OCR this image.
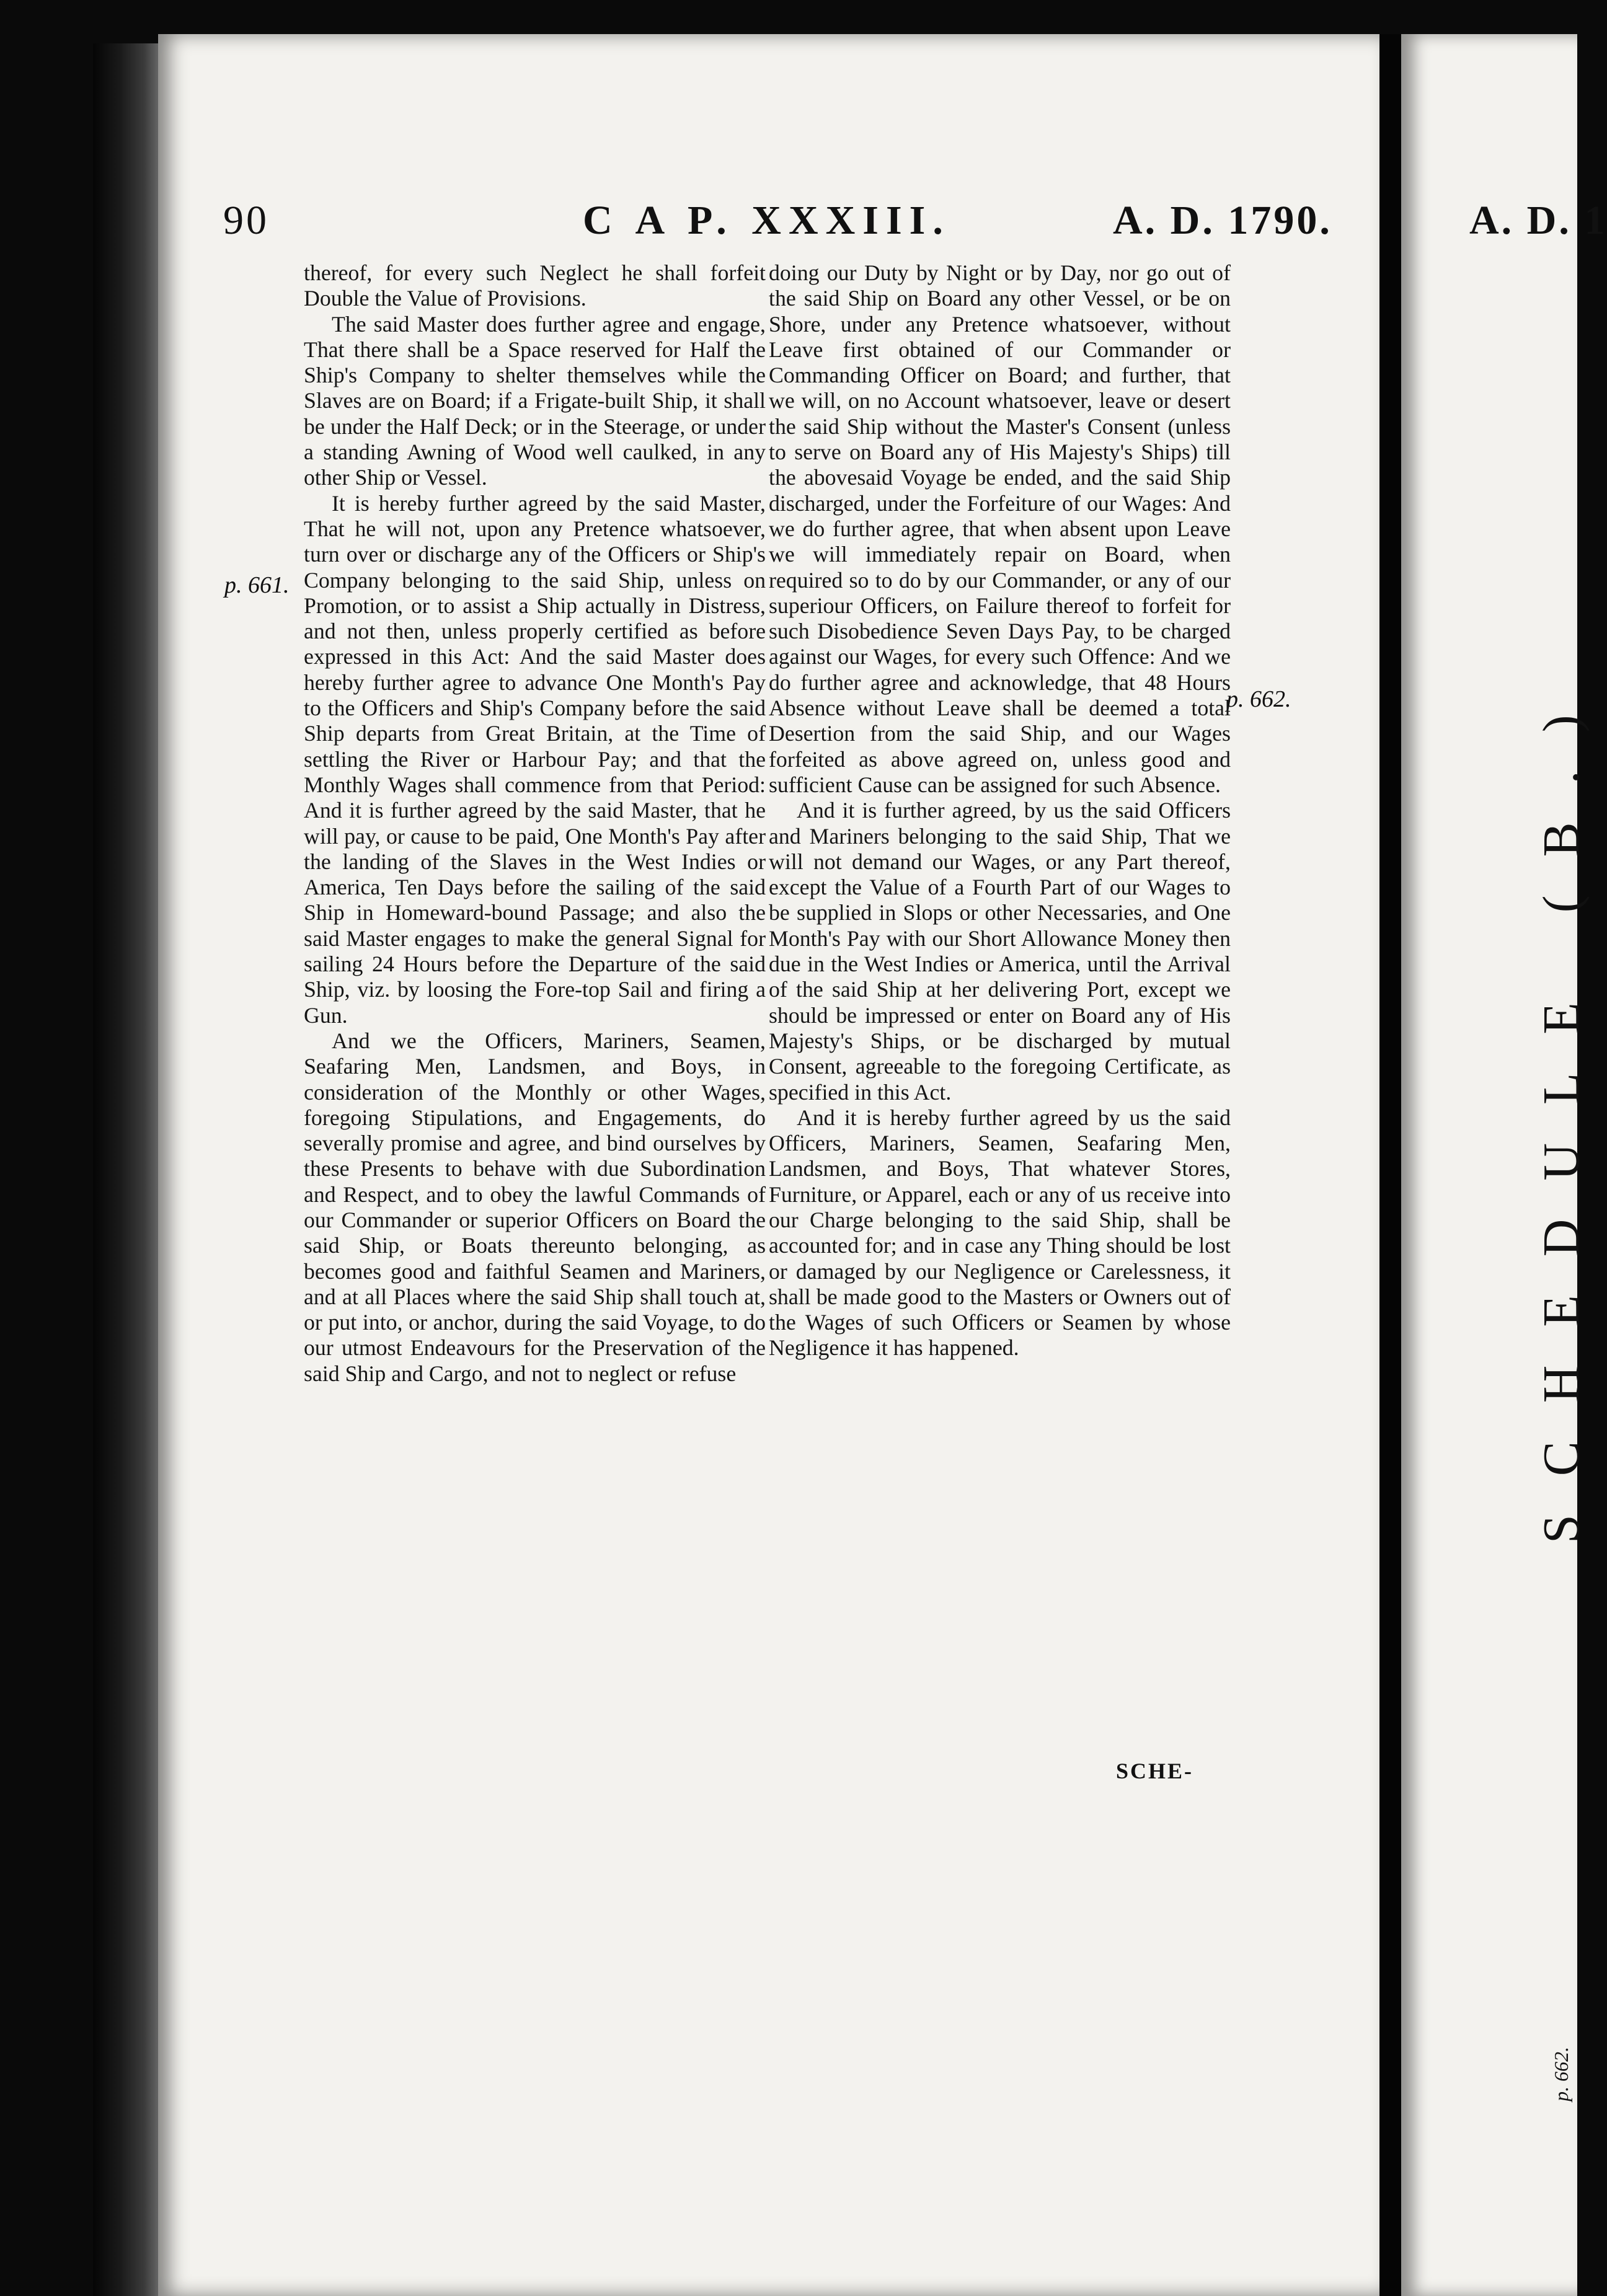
90	C A P. XXXIII.	A. D. 1790.	A. D. 1
p. 661.
p. 662.
p. 662.

thereof, for every such Neglect he shall forfeit Double the Value of Provisions.

The said Master does further agree and engage, That there shall be a Space reserved for Half the Ship's Company to shelter themselves while the Slaves are on Board; if a Frigate-built Ship, it shall be under the Half Deck; or in the Steerage, or under a standing Awning of Wood well caulked, in any other Ship or Vessel.

It is hereby further agreed by the said Master, That he will not, upon any Pretence whatsoever, turn over or discharge any of the Officers or Ship's Company belonging to the said Ship, unless on Promotion, or to assist a Ship actually in Distress, and not then, unless properly certified as before expressed in this Act: And the said Master does hereby further agree to advance One Month's Pay to the Officers and Ship's Company before the said Ship departs from Great Britain, at the Time of settling the River or Harbour Pay; and that the Monthly Wages shall commence from that Period: And it is further agreed by the said Master, that he will pay, or cause to be paid, One Month's Pay after the landing of the Slaves in the West Indies or America, Ten Days before the sailing of the said Ship in Homeward-bound Passage; and also the said Master engages to make the general Signal for sailing 24 Hours before the Departure of the said Ship, viz. by loosing the Fore-top Sail and firing a Gun.

And we the Officers, Mariners, Seamen, Seafaring Men, Landsmen, and Boys, in consideration of the Monthly or other Wages, foregoing Stipulations, and Engagements, do severally promise and agree, and bind ourselves by these Presents to behave with due Subordination and Respect, and to obey the lawful Commands of our Commander or superior Officers on Board the said Ship, or Boats thereunto belonging, as becomes good and faithful Seamen and Mariners, and at all Places where the said Ship shall touch at, or put into, or anchor, during the said Voyage, to do our utmost Endeavours for the Preservation of the said Ship and Cargo, and not to neglect or refuse

doing our Duty by Night or by Day, nor go out of the said Ship on Board any other Vessel, or be on Shore, under any Pretence whatsoever, without Leave first obtained of our Commander or Commanding Officer on Board; and further, that we will, on no Account whatsoever, leave or desert the said Ship without the Master's Consent (unless to serve on Board any of His Majesty's Ships) till the abovesaid Voyage be ended, and the said Ship discharged, under the Forfeiture of our Wages: And we do further agree, that when absent upon Leave we will immediately repair on Board, when required so to do by our Commander, or any of our superiour Officers, on Failure thereof to forfeit for such Disobedience Seven Days Pay, to be charged against our Wages, for every such Offence: And we do further agree and acknowledge, that 48 Hours Absence without Leave shall be deemed a total Desertion from the said Ship, and our Wages forfeited as above agreed on, unless good and sufficient Cause can be assigned for such Absence.

And it is further agreed, by us the said Officers and Mariners belonging to the said Ship, That we will not demand our Wages, or any Part thereof, except the Value of a Fourth Part of our Wages to be supplied in Slops or other Necessaries, and One Month's Pay with our Short Allowance Money then due in the West Indies or America, until the Arrival of the said Ship at her delivering Port, except we should be impressed or enter on Board any of His Majesty's Ships, or be discharged by mutual Consent, agreeable to the foregoing Certificate, as specified in this Act.

And it is hereby further agreed by us the said Officers, Mariners, Seamen, Seafaring Men, Landsmen, and Boys, That whatever Stores, Furniture, or Apparel, each or any of us receive into our Charge belonging to the said Ship, shall be accounted for; and in case any Thing should be lost or damaged by our Negligence or Carelessness, it shall be made good to the Masters or Owners out of the Wages of such Officers or Seamen by whose Negligence it has happened.

SCHE-
SCHEDULE (B.)
